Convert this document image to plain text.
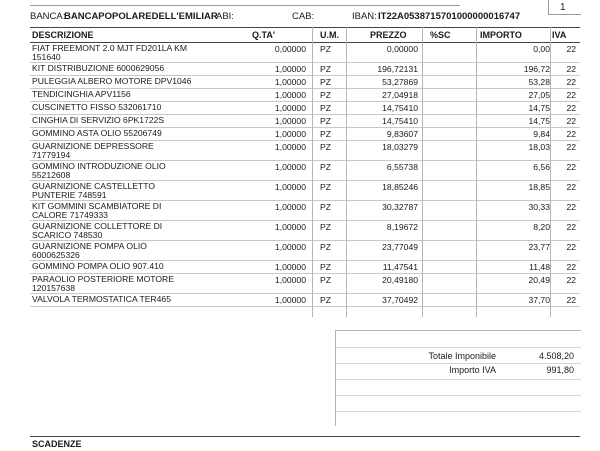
1
BANCA:
BANCAPOPOLAREDELL'EMILIAR
ABI:	CAB:	IBAN: IT22A0538715701000000016747
DESCRIZIONE	Q.TA'	U.M.	PREZZO	%SC	IMPORTO	IVA
FIAT FREEMONT 2.0 MJT FD201LA KM
151640
0,00000 PZ	0,00000	0,00	22
KIT DISTRIBUZIONE 6000629056	1,00000 PZ	196,72131	196,72	22
PULEGGIA ALBERO MOTORE DPV1046	1,00000 PZ	53,27869	53,28	22
TENDICINGHIA APV1156	1,00000 PZ	27,04918	27,05	22
CUSCINETTO FISSO 532061710	1,00000 PZ	14,75410	14,75	22
CINGHIA DI SERVIZIO 6PK1722S	1,00000 PZ	14,75410	14,75	22
GOMMINO ASTA OLIO 55206749	1,00000 PZ	9,83607	9,84	22
GUARNIZIONE DEPRESSORE
71779194
1,00000 PZ	18,03279	18,03	22
GOMMINO INTRODUZIONE OLIO
55212608
1,00000 PZ	6,55738	6,56	22
GUARNIZIONE CASTELLETTO
PUNTERIE 748591
1,00000 PZ	18,85246	18,85	22
KIT GOMMINI SCAMBIATORE DI
CALORE 71749333
1,00000 PZ	30,32787	30,33	22
GUARNIZIONE COLLETTORE DI
SCARICO 748530
1,00000 PZ	8,19672	8,20	22
GUARNIZIONE POMPA OLIO
6000625326
1,00000 PZ	23,77049	23,77	22
GOMMINO POMPA OLIO 907.410	1,00000 PZ	11,47541	11,48	22
PARAOLIO POSTERIORE MOTORE
120157638
1,00000 PZ	20,49180	20,49	22
VALVOLA TERMOSTATICA TER465	1,00000 PZ	37,70492	37,70	22
Totale Imponibile	4.508,20
Importo IVA	991,80
SCADENZE
